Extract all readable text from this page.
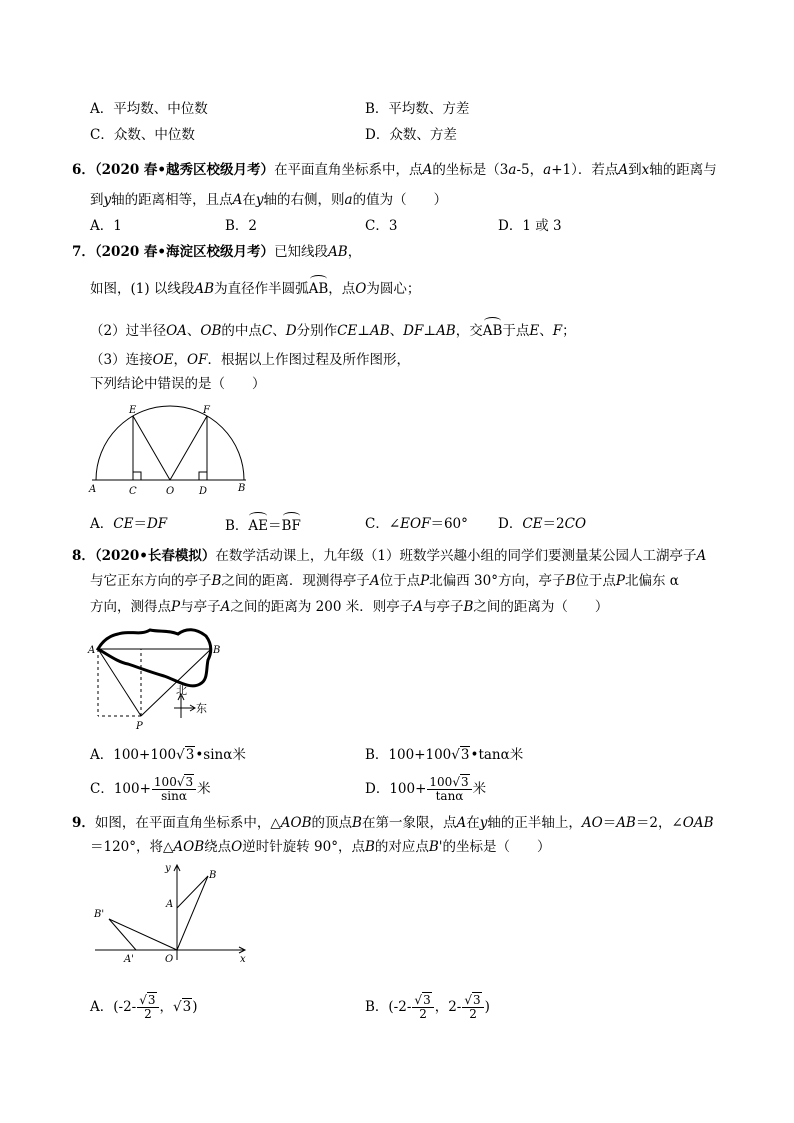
A．平均数、中位数	B．平均数、方差
C．众数、中位数	D．众数、方差
6．（2020 春•越秀区校级月考）在平面直角坐标系中，点A的坐标是（3a-5，a+1）．若点A到x轴的距离与
到y轴的距离相等，且点A在y轴的右侧，则a的值为（　　）
A．1	B．2	C．3	D．1 或 3
7．（2020 春•海淀区校级月考）已知线段AB，
如图，(1) 以线段AB为直径作半圆弧AB，点O为圆心；
（2）过半径OA、OB的中点C、D分别作CE⊥AB、DF⊥AB，交AB于点E、F；
（3）连接OE，OF．根据以上作图过程及所作图形，
下列结论中错误的是（　　）
E	F
A	C	O D	B
A	B
P
北
东
y
x
B
A
B'
A'	O
A．CE＝DF	B．AE＝BF	C．∠EOF＝60° D．CE＝2CO
8．（2020•长春模拟）在数学活动课上，九年级（1）班数学兴趣小组的同学们要测量某公园人工湖亭子A
与它正东方向的亭子B之间的距离．现测得亭子A位于点P北偏西 30°方向，亭子B位于点P北偏东 α
方向，测得点P与亭子A之间的距离为 200 米．则亭子A与亭子B之间的距离为（　　）
A．100+100√3•sinα米	B．100+100√3•tanα米
C．$100+ \frac{100√3}{\sin\alpha}$ 米	D．$100+ \frac{100√3}{\tan\alpha}$ 米
9．如图，在平面直角坐标系中，△AOB的顶点B在第一象限，点A在y轴的正半轴上，AO＝AB＝2，∠OAB
＝120°，将△AOB绕点O逆时针旋转 90°，点B的对应点B'的坐标是（　　）
A．($-2- \frac{√3}{2}$ ，√3)	B．($-2- \frac{√3}{2}$ ，$2- \frac{√3}{2}$ )
